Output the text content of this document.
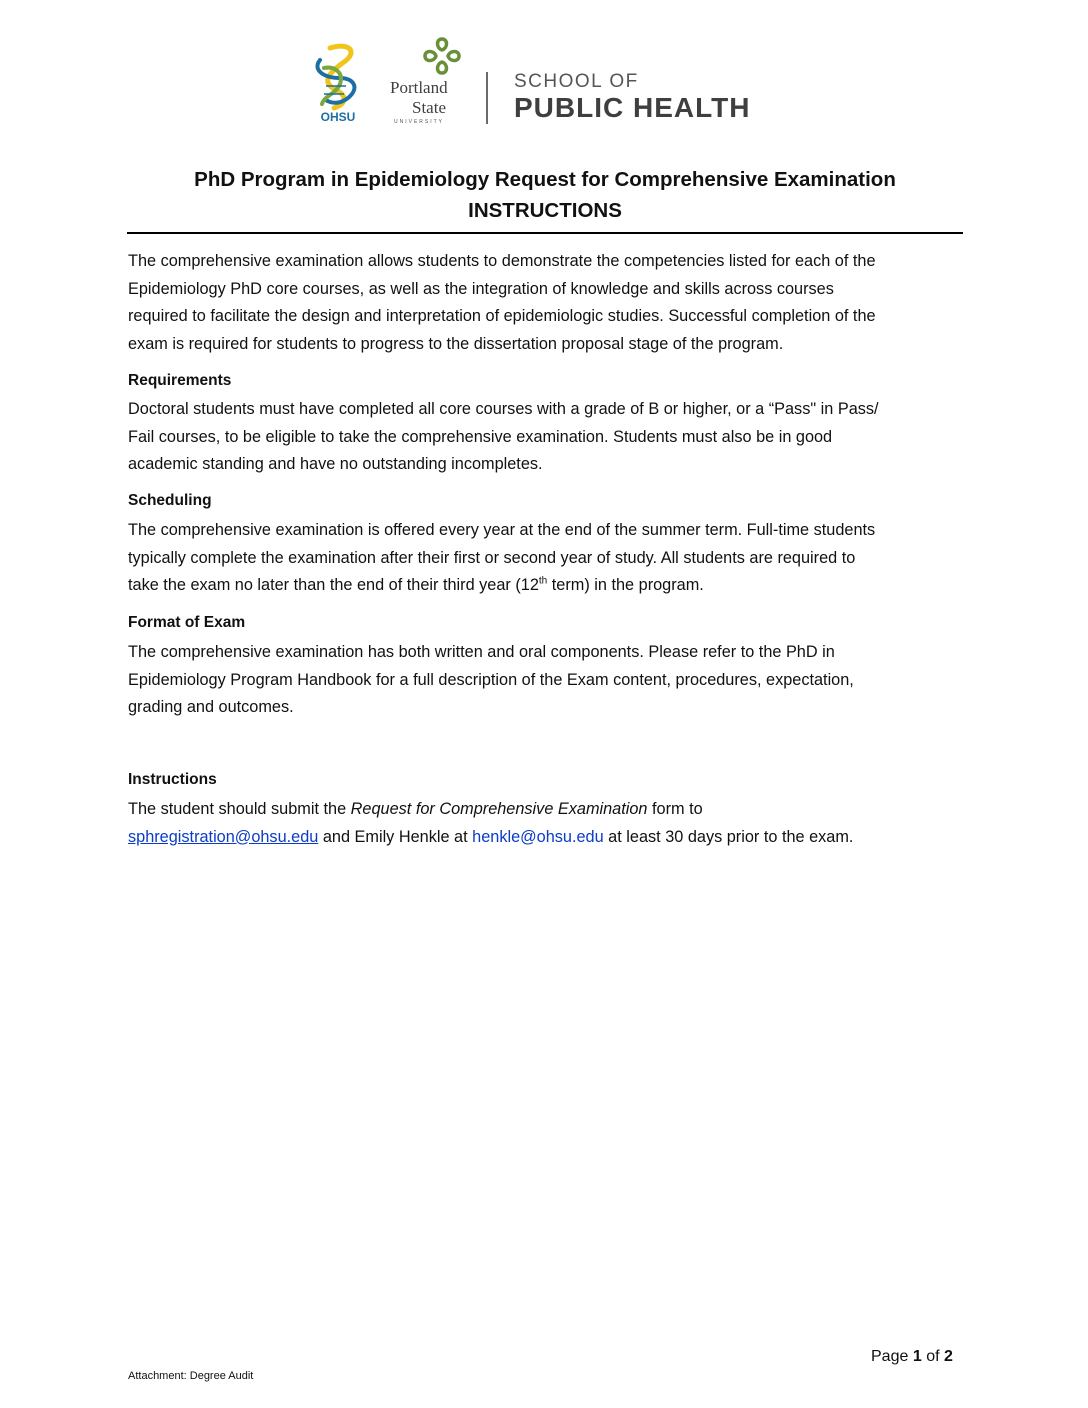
OHSU
Portland
State
UNIVERSITY
SCHOOL OF
PUBLIC HEALTH
PhD Program in Epidemiology Request for Comprehensive Examination
INSTRUCTIONS
The comprehensive examination allows students to demonstrate the competencies listed for each of the
Epidemiology PhD core courses, as well as the integration of knowledge and skills across courses
required to facilitate the design and interpretation of epidemiologic studies. Successful completion of the
exam is required for students to progress to the dissertation proposal stage of the program.
Requirements
Doctoral students must have completed all core courses with a grade of B or higher, or a “Pass" in Pass/
Fail courses, to be eligible to take the comprehensive examination. Students must also be in good
academic standing and have no outstanding incompletes.
Scheduling
The comprehensive examination is offered every year at the end of the summer term. Full-time students
typically complete the examination after their first or second year of study. All students are required to
take the exam no later than the end of their third year (12th term) in the program.
Format of Exam
The comprehensive examination has both written and oral components. Please refer to the PhD in
Epidemiology Program Handbook for a full description of the Exam content, procedures, expectation,
grading and outcomes.
Instructions
The student should submit the Request for Comprehensive Examination form to
sphregistration@ohsu.edu and Emily Henkle at henkle@ohsu.edu at least 30 days prior to the exam.
Page 1 of 2
Attachment: Degree Audit
